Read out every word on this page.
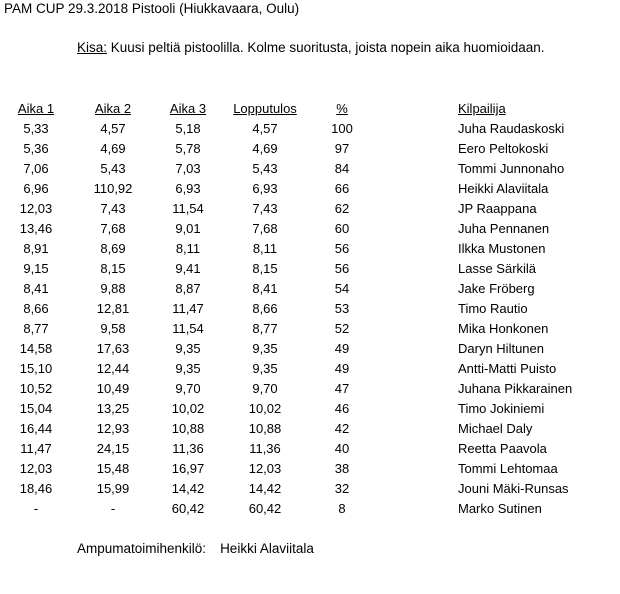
PAM CUP 29.3.2018 Pistooli (Hiukkavaara, Oulu)
Kisa: Kuusi peltiä pistoolilla. Kolme suoritusta, joista nopein aika huomioidaan.
Aika 1	Aika 2	Aika 3	Lopputulos	%	Kilpailija
5,33	4,57	5,18	4,57	100	Juha Raudaskoski
5,36	4,69	5,78	4,69	97	Eero Peltokoski
7,06	5,43	7,03	5,43	84	Tommi Junnonaho
6,96	110,92	6,93	6,93	66	Heikki Alaviitala
12,03	7,43	11,54	7,43	62	JP Raappana
13,46	7,68	9,01	7,68	60	Juha Pennanen
8,91	8,69	8,11	8,11	56	Ilkka Mustonen
9,15	8,15	9,41	8,15	56	Lasse Särkilä
8,41	9,88	8,87	8,41	54	Jake Fröberg
8,66	12,81	11,47	8,66	53	Timo Rautio
8,77	9,58	11,54	8,77	52	Mika Honkonen
14,58	17,63	9,35	9,35	49	Daryn Hiltunen
15,10	12,44	9,35	9,35	49	Antti-Matti Puisto
10,52	10,49	9,70	9,70	47	Juhana Pikkarainen
15,04	13,25	10,02	10,02	46	Timo Jokiniemi
16,44	12,93	10,88	10,88	42	Michael Daly
11,47	24,15	11,36	11,36	40	Reetta Paavola
12,03	15,48	16,97	12,03	38	Tommi Lehtomaa
18,46	15,99	14,42	14,42	32	Jouni Mäki-Runsas
-	-	60,42	60,42	8	Marko Sutinen
Ampumatoimihenkilö: Heikki Alaviitala
